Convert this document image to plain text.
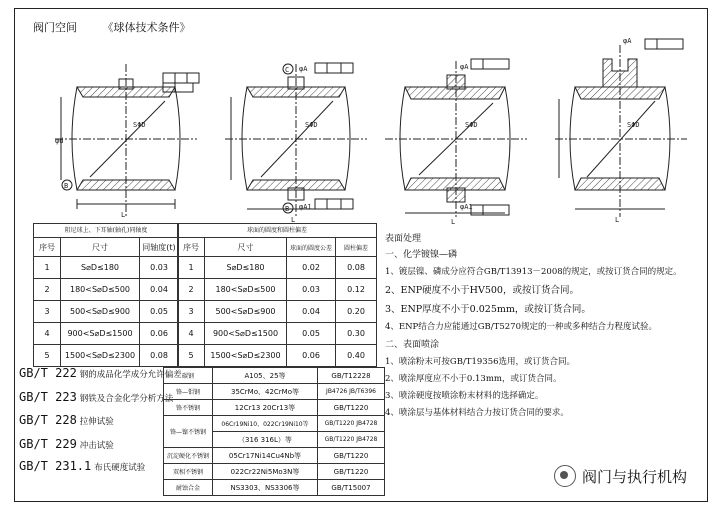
阀门空间 《球体技术条件》
L
φd
SΦD
B
L
φA
φA1
C
B
SΦD
L
φA
φA1
SΦD
L
φA
SΦD
阻尼球上、下耳轴(轴孔)同轴度
序号	尺寸	同轴度(t)
1	S⌀D≤180	0.03
2	180<S⌀D≤500	0.04
3	500<S⌀D≤900	0.05
4	900<S⌀D≤1500	0.06
5	1500<S⌀D≤2300	0.08
球面的圆度和圆柱偏差
序号	尺寸	球面的圆度公差	圆柱偏差
1	S⌀D≤180	0.02	0.08
2	180<S⌀D≤500	0.03	0.12
3	500<S⌀D≤900	0.04	0.20
4	900<S⌀D≤1500	0.05	0.30
5	1500<S⌀D≤2300	0.06	0.40
GB/T 222 钢的成品化学成分允许偏差
GB/T 223 钢铁及合金化学分析方法
GB/T 228 拉伸试验
GB/T 229 冲击试验
GB/T 231.1 布氏硬度试验
碳钢	A105、25等	GB/T12228
铬—钼钢	35CrMo、42CrMo等	JB4726 JB/T6396
铬不锈钢	12Cr13 20Cr13等	GB/T1220
铬—镍不锈钢	06Cr19Ni10、022Cr19Ni10等	GB/T1220 JB4728
	（316 316L）等	GB/T1220 JB4728
沉淀硬化不锈钢	05Cr17Ni14Cu4Nb等	GB/T1220
双相不锈钢	022Cr22Ni5Mo3N等	GB/T1220
耐蚀合金	NS3303、NS3306等	GB/T15007
表面处理
一、化学镀镍—磷
1、镀层镍、磷成分应符合GB/T13913－2008的规定，或按订货合同的规定。
2、ENP硬度不小于HV500，或按订货合同。
3、ENP厚度不小于0.025mm，或按订货合同。
4、ENP结合力应能通过GB/T5270规定的一种或多种结合力程度试验。
二、表面喷涂
1、喷涂粉末可按GB/T19356选用，或订货合同。
2、喷涂厚度应不小于0.13mm，或订货合同。
3、喷涂硬度按喷涂粉末材料的选择确定。
4、喷涂层与基体材料结合力按订货合同的要求。
阀门与执行机构
